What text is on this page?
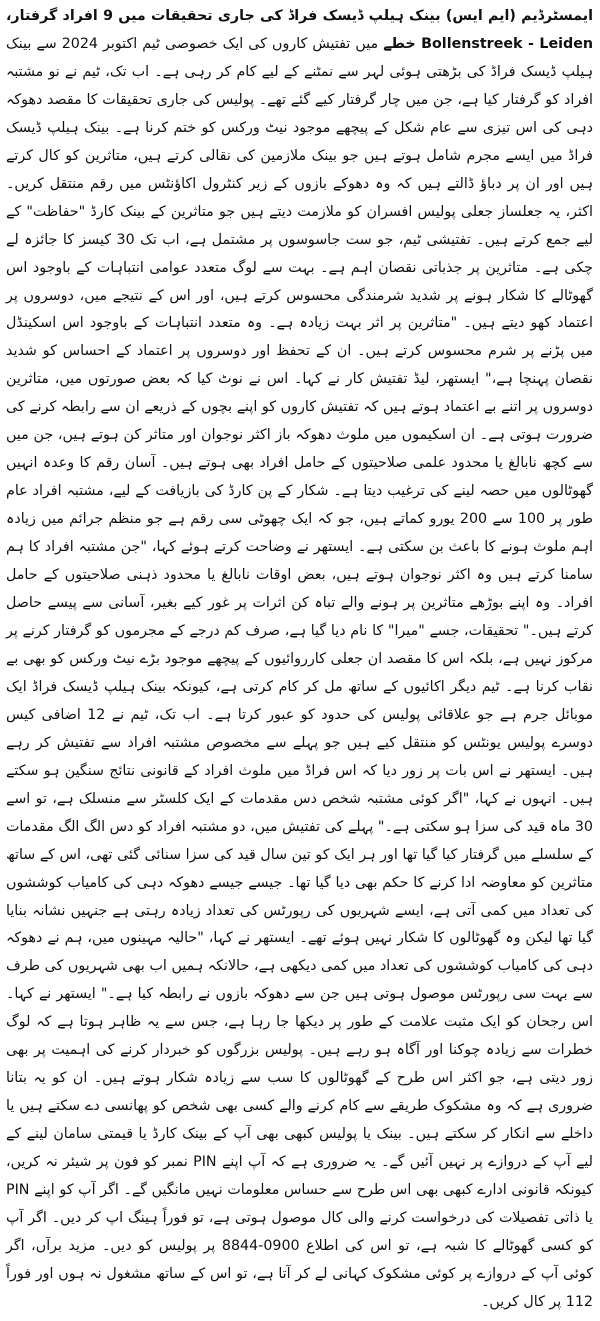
ایمسٹرڈیم (ایم ایس) بینک ہیلپ ڈیسک فراڈ کی جاری تحقیقات میں 9 افراد گرفتار، Bollenstreek - Leiden خطے میں تفتیش کاروں کی ایک خصوصی ٹیم اکتوبر 2024 سے بینک ہیلپ ڈیسک فراڈ کی بڑھتی ہوئی لہر سے نمٹنے کے لیے کام کر رہی ہے۔ اب تک، ٹیم نے نو مشتبہ افراد کو گرفتار کیا ہے، جن میں چار گرفتار کیے گئے تھے۔ پولیس کی جاری تحقیقات کا مقصد دھوکہ دہی کی اس تیزی سے عام شکل کے پیچھے موجود نیٹ ورکس کو ختم کرنا ہے۔ بینک ہیلپ ڈیسک فراڈ میں ایسے مجرم شامل ہوتے ہیں جو بینک ملازمین کی نقالی کرتے ہیں، متاثرین کو کال کرتے ہیں اور ان پر دباؤ ڈالتے ہیں کہ وہ دھوکے بازوں کے زیر کنٹرول اکاؤنٹس میں رقم منتقل کریں۔ اکثر، یہ جعلساز جعلی پولیس افسران کو ملازمت دیتے ہیں جو متاثرین کے بینک کارڈ "حفاظت" کے لیے جمع کرتے ہیں۔ تفتیشی ٹیم، جو ست جاسوسوں پر مشتمل ہے، اب تک 30 کیسز کا جائزہ لے چکی ہے۔ متاثرین پر جذباتی نقصان اہم ہے۔ بہت سے لوگ متعدد عوامی انتباہات کے باوجود اس گھوٹالے کا شکار ہونے پر شدید شرمندگی محسوس کرتے ہیں، اور اس کے نتیجے میں، دوسروں پر اعتماد کھو دیتے ہیں۔ "متاثرین پر اثر بہت زیادہ ہے۔ وہ متعدد انتباہات کے باوجود اس اسکینڈل میں پڑنے پر شرم محسوس کرتے ہیں۔ ان کے تحفظ اور دوسروں پر اعتماد کے احساس کو شدید نقصان پہنچا ہے،" ایستھر، لیڈ تفتیش کار نے کہا۔ اس نے نوٹ کیا کہ بعض صورتوں میں، متاثرین دوسروں پر اتنے بے اعتماد ہوتے ہیں کہ تفتیش کاروں کو اپنے بچوں کے ذریعے ان سے رابطہ کرنے کی ضرورت ہوتی ہے۔ ان اسکیموں میں ملوث دھوکہ باز اکثر نوجوان اور متاثر کن ہوتے ہیں، جن میں سے کچھ نابالغ یا محدود علمی صلاحیتوں کے حامل افراد بھی ہوتے ہیں۔ آسان رقم کا وعدہ انہیں گھوٹالوں میں حصہ لینے کی ترغیب دیتا ہے۔ شکار کے پن کارڈ کی بازیافت کے لیے، مشتبہ افراد عام طور پر 100 سے 200 یورو کماتے ہیں، جو کہ ایک چھوٹی سی رقم ہے جو منظم جرائم میں زیادہ اہم ملوث ہونے کا باعث بن سکتی ہے۔ ایستھر نے وضاحت کرتے ہوئے کہا، "جن مشتبہ افراد کا ہم سامنا کرتے ہیں وہ اکثر نوجوان ہوتے ہیں، بعض اوقات نابالغ یا محدود ذہنی صلاحیتوں کے حامل افراد۔ وہ اپنے بوڑھے متاثرین پر ہونے والے تباہ کن اثرات پر غور کیے بغیر، آسانی سے پیسے حاصل کرتے ہیں۔" تحقیقات، جسے "میرا" کا نام دیا گیا ہے، صرف کم درجے کے مجرموں کو گرفتار کرنے پر مرکوز نہیں ہے، بلکہ اس کا مقصد ان جعلی کارروائیوں کے پیچھے موجود بڑے نیٹ ورکس کو بھی بے نقاب کرنا ہے۔ ٹیم دیگر اکائیوں کے ساتھ مل کر کام کرتی ہے، کیونکہ بینک ہیلپ ڈیسک فراڈ ایک موبائل جرم ہے جو علاقائی پولیس کی حدود کو عبور کرتا ہے۔ اب تک، ٹیم نے 12 اضافی کیس دوسرے پولیس یونٹس کو منتقل کیے ہیں جو پہلے سے مخصوص مشتبہ افراد سے تفتیش کر رہے ہیں۔ ایستھر نے اس بات پر زور دیا کہ اس فراڈ میں ملوث افراد کے قانونی نتائج سنگین ہو سکتے ہیں۔ انہوں نے کہا، "اگر کوئی مشتبہ شخص دس مقدمات کے ایک کلسٹر سے منسلک ہے، تو اسے 30 ماہ قید کی سزا ہو سکتی ہے۔" پہلے کی تفتیش میں، دو مشتبہ افراد کو دس الگ الگ مقدمات کے سلسلے میں گرفتار کیا گیا تھا اور ہر ایک کو تین سال قید کی سزا سنائی گئی تھی، اس کے ساتھ متاثرین کو معاوضہ ادا کرنے کا حکم بھی دیا گیا تھا۔ جیسے جیسے دھوکہ دہی کی کامیاب کوششوں کی تعداد میں کمی آتی ہے، ایسے شہریوں کی رپورٹس کی تعداد زیادہ رہتی ہے جنہیں نشانہ بنایا گیا تھا لیکن وہ گھوٹالوں کا شکار نہیں ہوئے تھے۔ ایستھر نے کہا، "حالیہ مہینوں میں، ہم نے دھوکہ دہی کی کامیاب کوششوں کی تعداد میں کمی دیکھی ہے، حالانکہ ہمیں اب بھی شہریوں کی طرف سے بہت سی رپورٹس موصول ہوتی ہیں جن سے دھوکہ بازوں نے رابطہ کیا ہے۔" ایستھر نے کہا۔ اس رجحان کو ایک مثبت علامت کے طور پر دیکھا جا رہا ہے، جس سے یہ ظاہر ہوتا ہے کہ لوگ خطرات سے زیادہ چوکنا اور آگاہ ہو رہے ہیں۔ پولیس بزرگوں کو خبردار کرنے کی اہمیت پر بھی زور دیتی ہے، جو اکثر اس طرح کے گھوٹالوں کا سب سے زیادہ شکار ہوتے ہیں۔ ان کو یہ بتانا ضروری ہے کہ وہ مشکوک طریقے سے کام کرنے والے کسی بھی شخص کو پھانسی دے سکتے ہیں یا داخلے سے انکار کر سکتے ہیں۔ بینک یا پولیس کبھی بھی آپ کے بینک کارڈ یا قیمتی سامان لینے کے لیے آپ کے دروازے پر نہیں آئیں گے۔ یہ ضروری ہے کہ آپ اپنے PIN نمبر کو فون پر شیئر نہ کریں، کیونکہ قانونی ادارے کبھی بھی اس طرح سے حساس معلومات نہیں مانگیں گے۔ اگر آپ کو اپنے PIN یا ذاتی تفصیلات کی درخواست کرنے والی کال موصول ہوتی ہے، تو فوراً ہینگ اپ کر دیں۔ اگر آپ کو کسی گھوٹالے کا شبہ ہے، تو اس کی اطلاع 0900-8844 پر پولیس کو دیں۔ مزید برآں، اگر کوئی آپ کے دروازے پر کوئی مشکوک کہانی لے کر آتا ہے، تو اس کے ساتھ مشغول نہ ہوں اور فوراً 112 پر کال کریں۔
